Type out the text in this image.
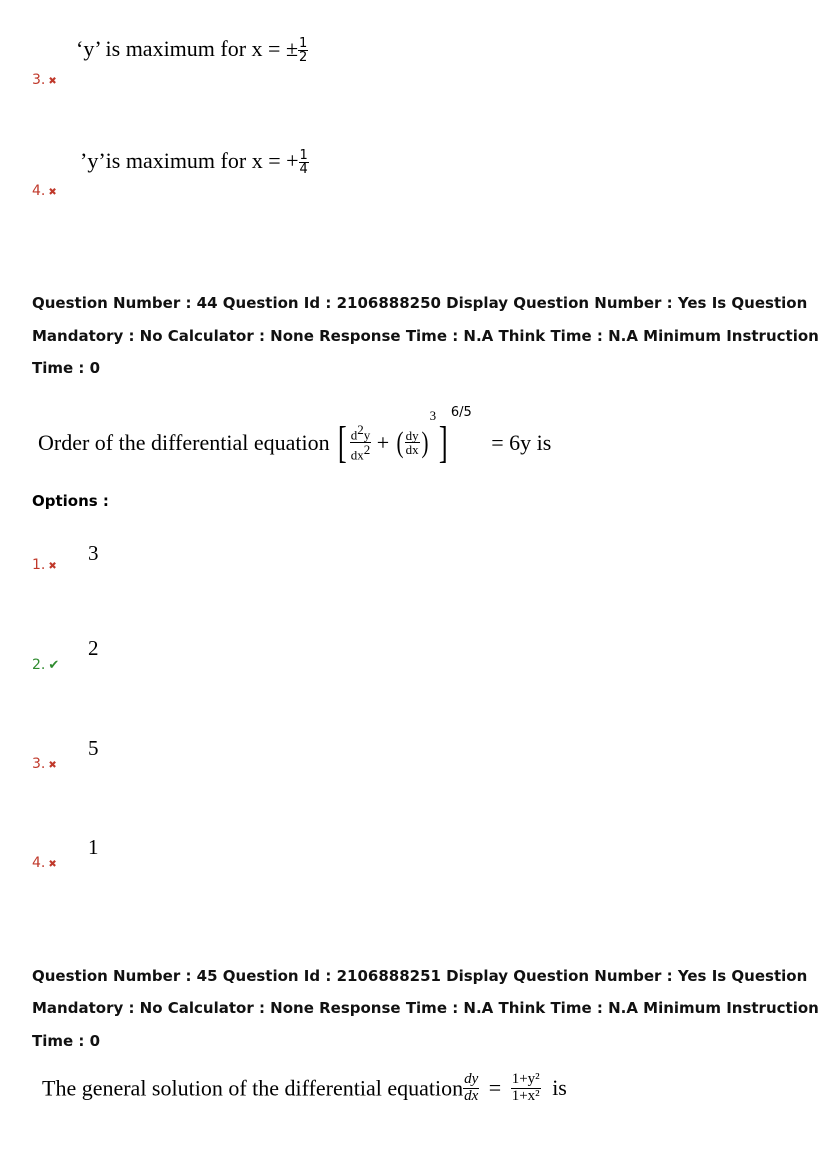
3. ✖
‘y’ is maximum for x = ± $\frac{1}{2}$
4. ✖
’y’is maximum for x = + $\frac{1}{4}$
Question Number : 44 Question Id : 2106888250 Display Question Number : Yes Is Question
Mandatory : No Calculator : None Response Time : N.A Think Time : N.A Minimum Instruction
Time : 0
Order of the differential equation [ $\frac{d^2y}{dx^2}$ + ( $\frac{dy}{dx} )^3]^{6/5} = 6y$ is
Options :
1. ✖
3
2. ✔
2
3. ✖
5
4. ✖
1
Question Number : 45 Question Id : 2106888251 Display Question Number : Yes Is Question
Mandatory : No Calculator : None Response Time : N.A Think Time : N.A Minimum Instruction
Time : 0
The general solution of the differential equation $\frac{dy}{dx} = \frac{\text{1+y²}}{\text{1+x²}}$ is
